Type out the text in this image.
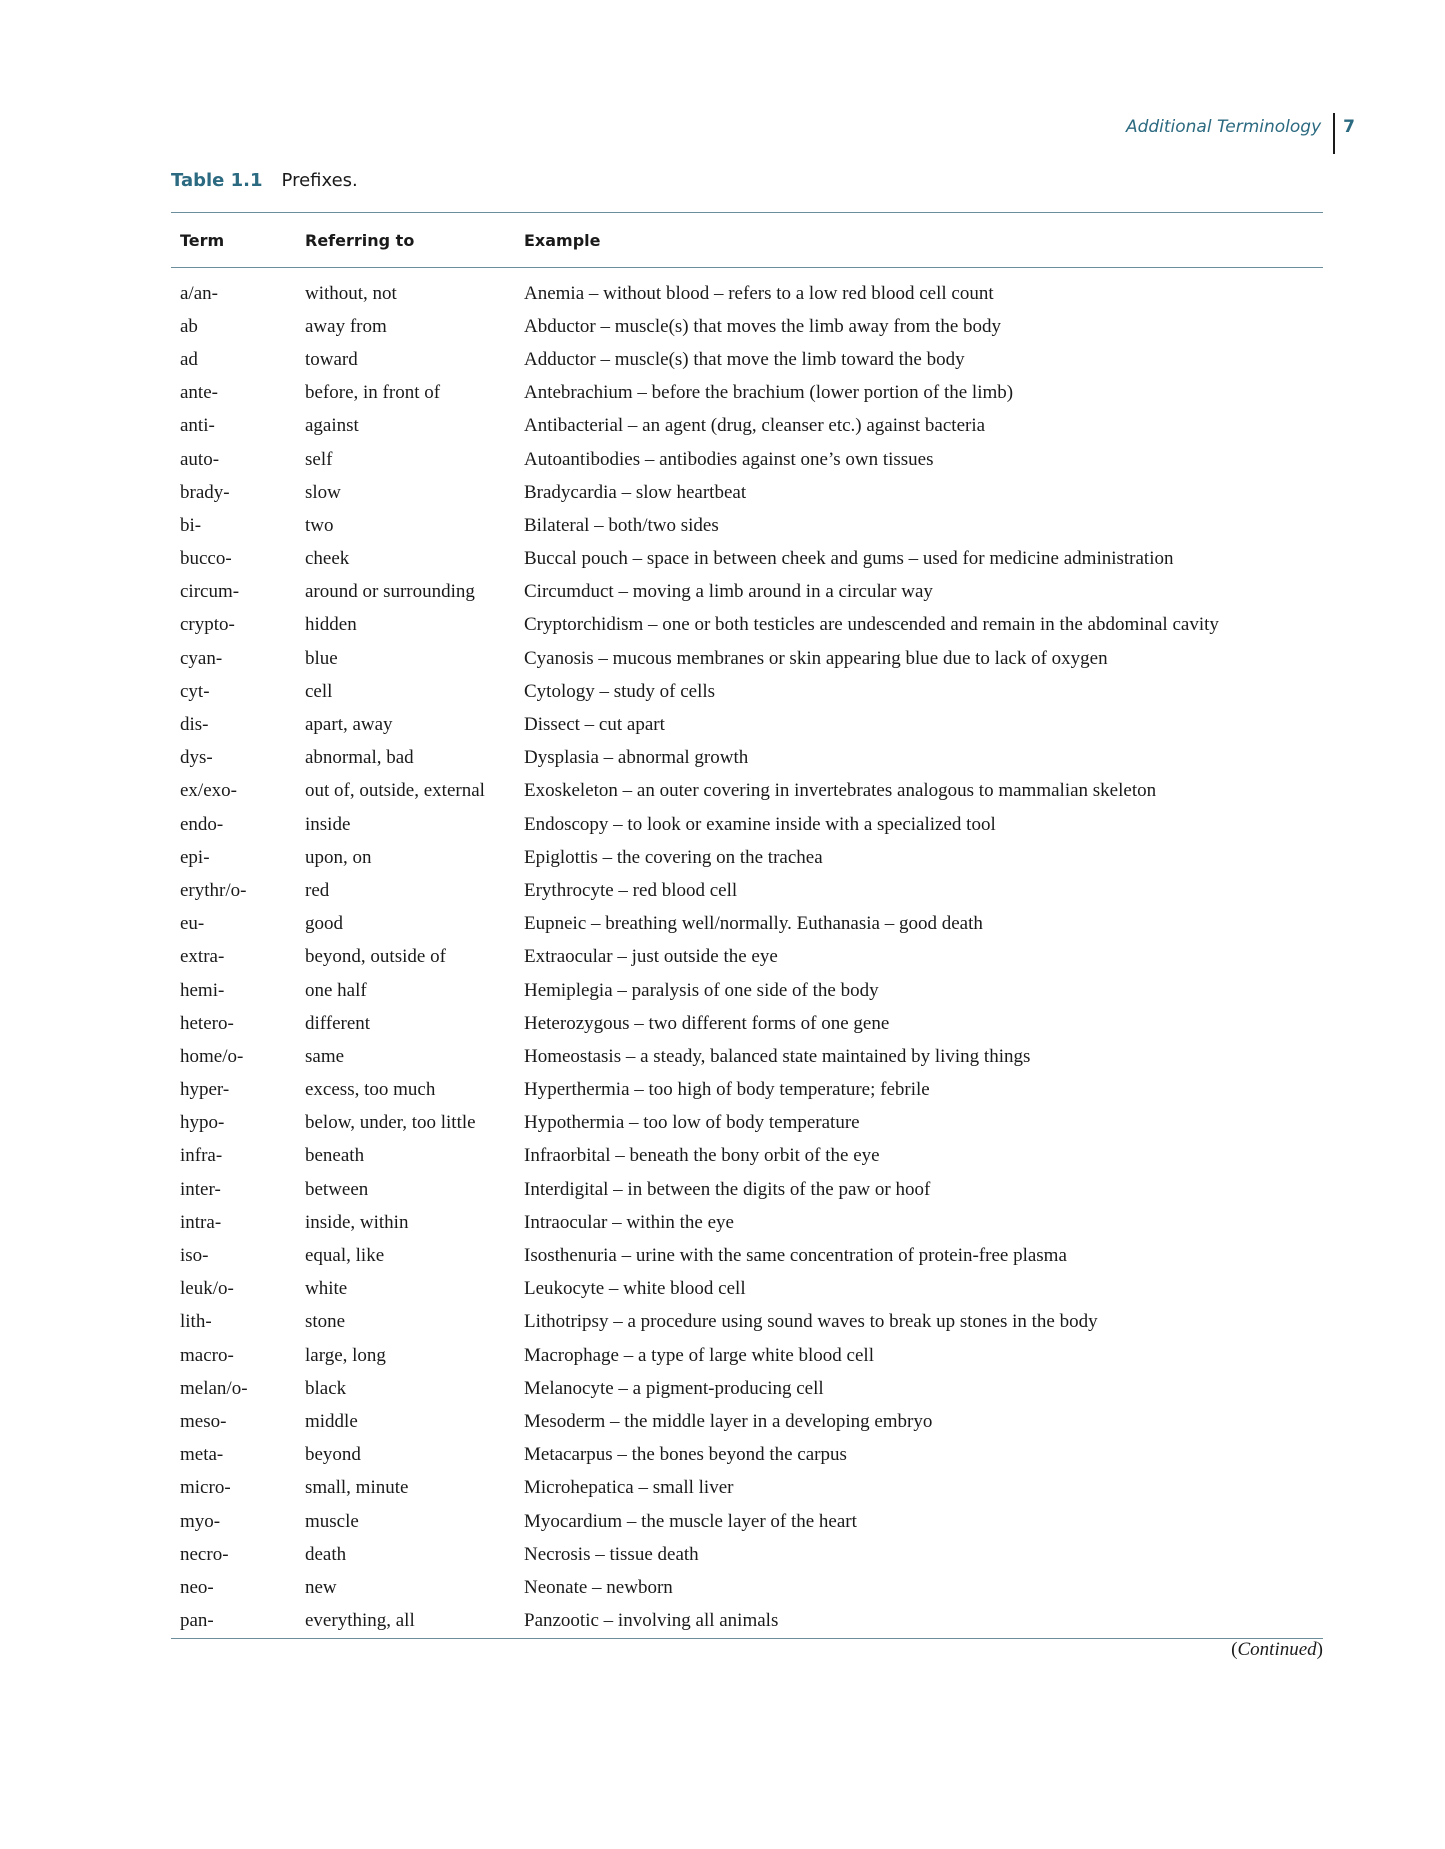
Additional Terminology 7
Table 1.1 Prefixes.
Term	Referring to	Example
a/an-	without, not	Anemia – without blood – refers to a low red blood cell count
ab	away from	Abductor – muscle(s) that moves the limb away from the body
ad	toward	Adductor – muscle(s) that move the limb toward the body
ante-	before, in front of	Antebrachium – before the brachium (lower portion of the limb)
anti-	against	Antibacterial – an agent (drug, cleanser etc.) against bacteria
auto-	self	Autoantibodies – antibodies against one’s own tissues
brady-	slow	Bradycardia – slow heartbeat
bi-	two	Bilateral – both/two sides
bucco-	cheek	Buccal pouch – space in between cheek and gums – used for medicine administration
circum-	around or surrounding	Circumduct – moving a limb around in a circular way
crypto-	hidden	Cryptorchidism – one or both testicles are undescended and remain in the abdominal cavity
cyan-	blue	Cyanosis – mucous membranes or skin appearing blue due to lack of oxygen
cyt-	cell	Cytology – study of cells
dis-	apart, away	Dissect – cut apart
dys-	abnormal, bad	Dysplasia – abnormal growth
ex/exo-	out of, outside, external	Exoskeleton – an outer covering in invertebrates analogous to mammalian skeleton
endo-	inside	Endoscopy – to look or examine inside with a specialized tool
epi-	upon, on	Epiglottis – the covering on the trachea
erythr/o-	red	Erythrocyte – red blood cell
eu-	good	Eupneic – breathing well/normally. Euthanasia – good death
extra-	beyond, outside of	Extraocular – just outside the eye
hemi-	one half	Hemiplegia – paralysis of one side of the body
hetero-	different	Heterozygous – two different forms of one gene
home/o-	same	Homeostasis – a steady, balanced state maintained by living things
hyper-	excess, too much	Hyperthermia – too high of body temperature; febrile
hypo-	below, under, too little	Hypothermia – too low of body temperature
infra-	beneath	Infraorbital – beneath the bony orbit of the eye
inter-	between	Interdigital – in between the digits of the paw or hoof
intra-	inside, within	Intraocular – within the eye
iso-	equal, like	Isosthenuria – urine with the same concentration of protein-free plasma
leuk/o-	white	Leukocyte – white blood cell
lith-	stone	Lithotripsy – a procedure using sound waves to break up stones in the body
macro-	large, long	Macrophage – a type of large white blood cell
melan/o-	black	Melanocyte – a pigment-producing cell
meso-	middle	Mesoderm – the middle layer in a developing embryo
meta-	beyond	Metacarpus – the bones beyond the carpus
micro-	small, minute	Microhepatica – small liver
myo-	muscle	Myocardium – the muscle layer of the heart
necro-	death	Necrosis – tissue death
neo-	new	Neonate – newborn
pan-	everything, all	Panzootic – involving all animals
(Continued)
